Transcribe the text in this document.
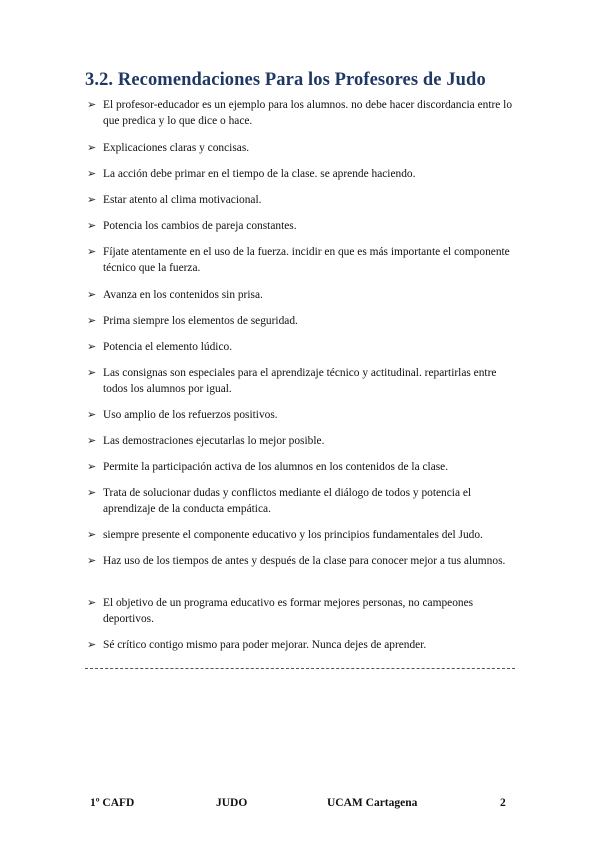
3.2. Recomendaciones Para los Profesores de Judo
➢ El profesor-educador es un ejemplo para los alumnos. no debe hacer discordancia entre lo que predica y lo que dice o hace.
➢ Explicaciones claras y concisas.
➢ La acción debe primar en el tiempo de la clase. se aprende haciendo.
➢ Estar atento al clima motivacional.
➢ Potencia los cambios de pareja constantes.
➢ Fíjate atentamente en el uso de la fuerza. incidir en que es más importante el componente técnico que la fuerza.
➢ Avanza en los contenidos sin prisa.
➢ Prima siempre los elementos de seguridad.
➢ Potencia el elemento lúdico.
➢ Las consignas son especiales para el aprendizaje técnico y actitudinal. repartirlas entre todos los alumnos por igual.
➢ Uso amplio de los refuerzos positivos.
➢ Las demostraciones ejecutarlas lo mejor posible.
➢ Permite la participación activa de los alumnos en los contenidos de la clase.
➢ Trata de solucionar dudas y conflictos mediante el diálogo de todos y potencia el aprendizaje de la conducta empática.
➢ siempre presente el componente educativo y los principios fundamentales del Judo.
➢ Haz uso de los tiempos de antes y después de la clase para conocer mejor a tus alumnos.
➢ El objetivo de un programa educativo es formar mejores personas, no campeones deportivos.
➢ Sé crítico contigo mismo para poder mejorar. Nunca dejes de aprender.
1º CAFD	JUDO	UCAM Cartagena	2
